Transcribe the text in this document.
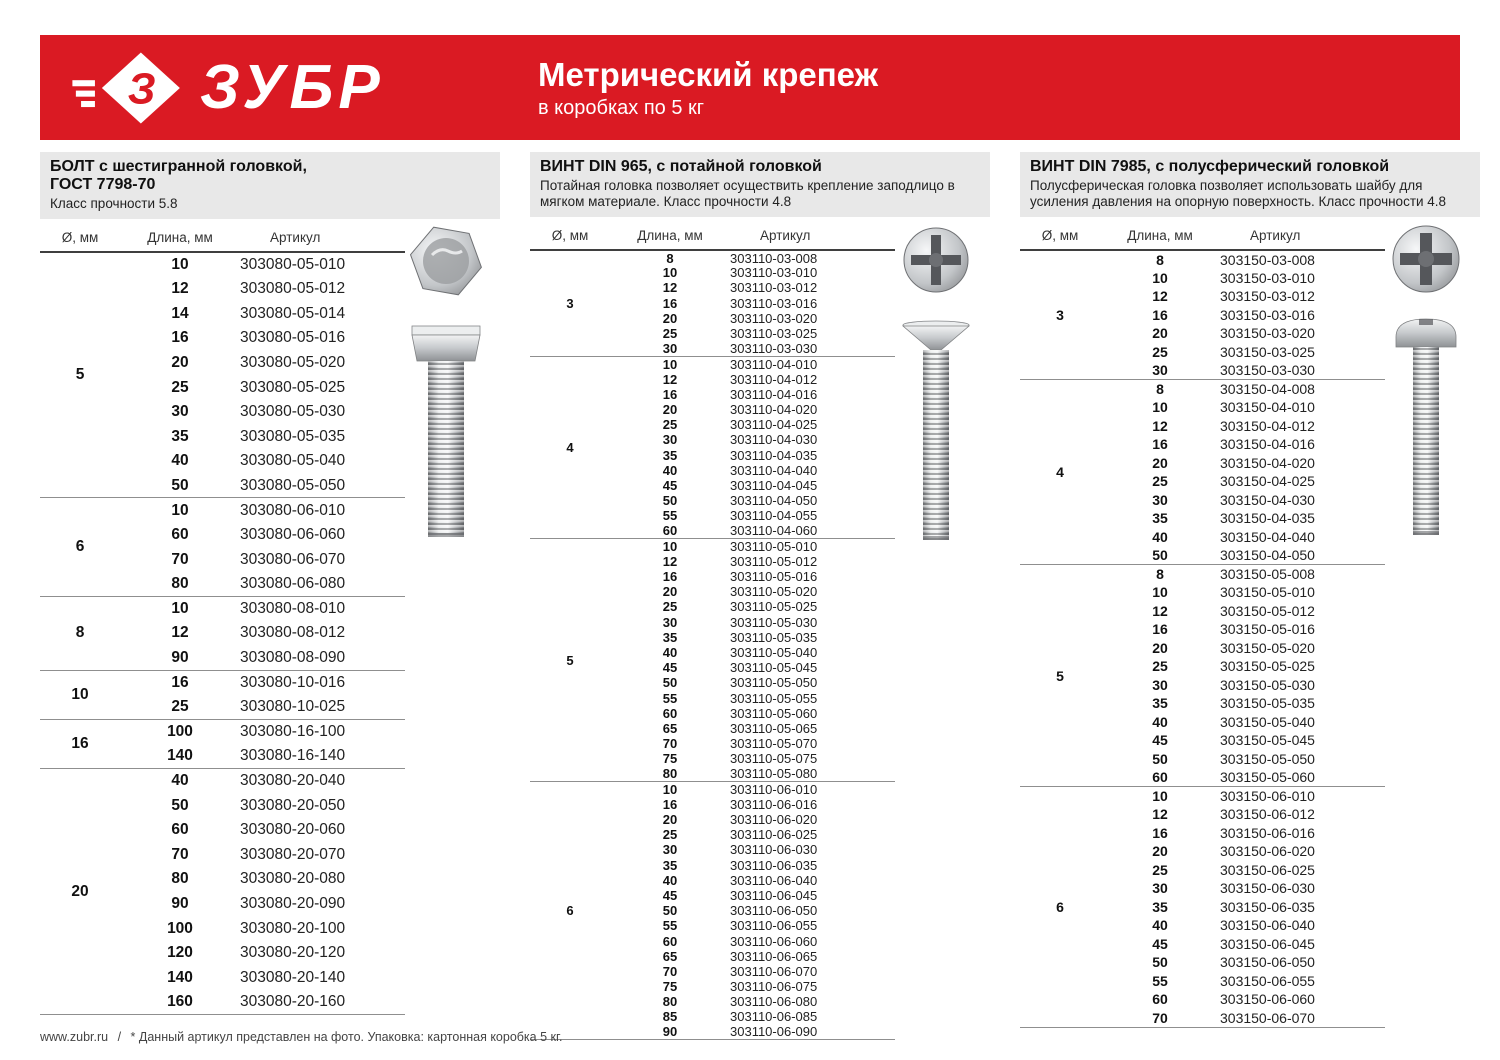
З ЗУБР	Метрический крепеж
в коробках по 5 кг
БОЛТ с шестигранной головкой,
ГОСТ 7798-70
Класс прочности 5.8
Ø, мм	Длина, мм	Артикул
5	10	303080-05-010
	12	303080-05-012
	14	303080-05-014
	16	303080-05-016
	20	303080-05-020
	25	303080-05-025
	30	303080-05-030
	35	303080-05-035
	40	303080-05-040
	50	303080-05-050
6	10	303080-06-010
	60	303080-06-060
	70	303080-06-070
	80	303080-06-080
8	10	303080-08-010
	12	303080-08-012
	90	303080-08-090
10	16	303080-10-016
	25	303080-10-025
16	100	303080-16-100
	140	303080-16-140
20	40	303080-20-040
	50	303080-20-050
	60	303080-20-060
	70	303080-20-070
	80	303080-20-080
	90	303080-20-090
	100	303080-20-100
	120	303080-20-120
	140	303080-20-140
	160	303080-20-160
ВИНТ DIN 965, с потайной головкой
Потайная головка позволяет осуществить крепление заподлицо в мягком материале. Класс прочности 4.8
Ø, мм	Длина, мм	Артикул
3	8	303110-03-008
	10	303110-03-010
	12	303110-03-012
	16	303110-03-016
	20	303110-03-020
	25	303110-03-025
	30	303110-03-030
4	10	303110-04-010
	12	303110-04-012
	16	303110-04-016
	20	303110-04-020
	25	303110-04-025
	30	303110-04-030
	35	303110-04-035
	40	303110-04-040
	45	303110-04-045
	50	303110-04-050
	55	303110-04-055
	60	303110-04-060
5	10	303110-05-010
	12	303110-05-012
	16	303110-05-016
	20	303110-05-020
	25	303110-05-025
	30	303110-05-030
	35	303110-05-035
	40	303110-05-040
	45	303110-05-045
	50	303110-05-050
	55	303110-05-055
	60	303110-05-060
	65	303110-05-065
	70	303110-05-070
	75	303110-05-075
	80	303110-05-080
6	10	303110-06-010
	16	303110-06-016
	20	303110-06-020
	25	303110-06-025
	30	303110-06-030
	35	303110-06-035
	40	303110-06-040
	45	303110-06-045
	50	303110-06-050
	55	303110-06-055
	60	303110-06-060
	65	303110-06-065
	70	303110-06-070
	75	303110-06-075
	80	303110-06-080
	85	303110-06-085
	90	303110-06-090
ВИНТ DIN 7985, с полусферический головкой
Полусферическая головка позволяет использовать шайбу для усиления давления на опорную поверхность. Класс прочности 4.8
Ø, мм	Длина, мм	Артикул
3	8	303150-03-008
	10	303150-03-010
	12	303150-03-012
	16	303150-03-016
	20	303150-03-020
	25	303150-03-025
	30	303150-03-030
4	8	303150-04-008
	10	303150-04-010
	12	303150-04-012
	16	303150-04-016
	20	303150-04-020
	25	303150-04-025
	30	303150-04-030
	35	303150-04-035
	40	303150-04-040
	50	303150-04-050
5	8	303150-05-008
	10	303150-05-010
	12	303150-05-012
	16	303150-05-016
	20	303150-05-020
	25	303150-05-025
	30	303150-05-030
	35	303150-05-035
	40	303150-05-040
	45	303150-05-045
	50	303150-05-050
	60	303150-05-060
6	10	303150-06-010
	12	303150-06-012
	16	303150-06-016
	20	303150-06-020
	25	303150-06-025
	30	303150-06-030
	35	303150-06-035
	40	303150-06-040
	45	303150-06-045
	50	303150-06-050
	55	303150-06-055
	60	303150-06-060
	70	303150-06-070
www.zubr.ru / * Данный артикул представлен на фото. Упаковка: картонная коробка 5 кг.
